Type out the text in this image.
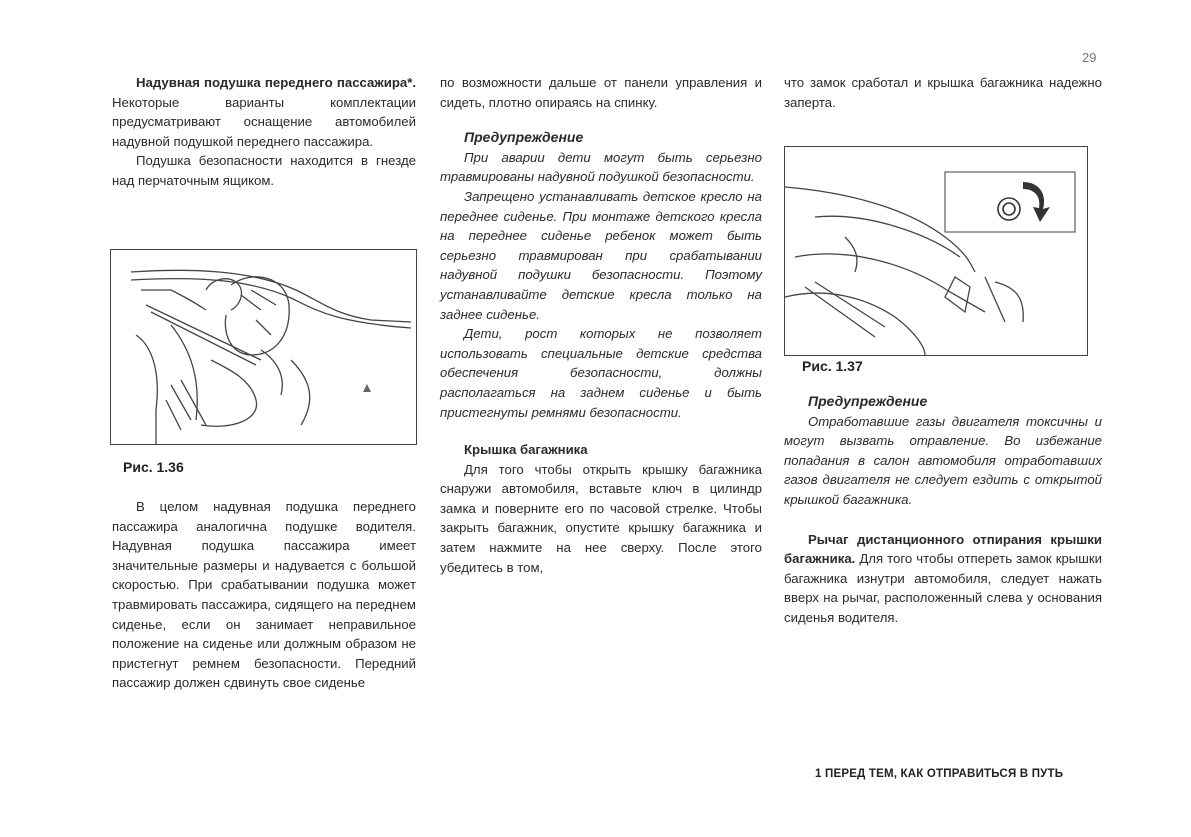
29

Надувная подушка переднего пассажира*. Некоторые варианты комплектации предусматривают оснащение автомобилей надувной подушкой переднего пассажира.

Подушка безопасности находится в гнезде над перчаточным ящиком.

Рис. 1.36

В целом надувная подушка переднего пассажира аналогична подушке водителя. Надувная подушка пассажира имеет значительные размеры и надувается с большой скоростью. При срабатывании подушка может травмировать пассажира, сидящего на переднем сиденье, если он занимает неправильное положение на сиденье или должным образом не пристегнут ремнем безопасности. Передний пассажир должен сдвинуть свое сиденье

по возможности дальше от панели управления и сидеть, плотно опираясь на спинку.

Предупреждение

При аварии дети могут быть серьезно травмированы надувной подушкой безопасности.

Запрещено устанавливать детское кресло на переднее сиденье. При монтаже детского кресла на переднее сиденье ребенок может быть серьезно травмирован при срабатывании надувной подушки безопасности. Поэтому устанавливайте детские кресла только на заднее сиденье.

Дети, рост которых не позволяет использовать специальные детские средства обеспечения безопасности, должны располагаться на заднем сиденье и быть пристегнуты ремнями безопасности.

Крышка багажника

Для того чтобы открыть крышку багажника снаружи автомобиля, вставьте ключ в цилиндр замка и поверните его по часовой стрелке. Чтобы закрыть багажник, опустите крышку багажника и затем нажмите на нее сверху. После этого убедитесь в том,

что замок сработал и крышка багажника надежно заперта.

Рис. 1.37

Предупреждение

Отработавшие газы двигателя токсичны и могут вызвать отравление. Во избежание попадания в салон автомобиля отработавших газов двигателя не следует ездить с открытой крышкой багажника.

Рычаг дистанционного отпирания крышки багажника. Для того чтобы отпереть замок крышки багажника изнутри автомобиля, следует нажать вверх на рычаг, расположенный слева у основания сиденья водителя.

1 ПЕРЕД ТЕМ, КАК ОТПРАВИТЬСЯ В ПУТЬ
